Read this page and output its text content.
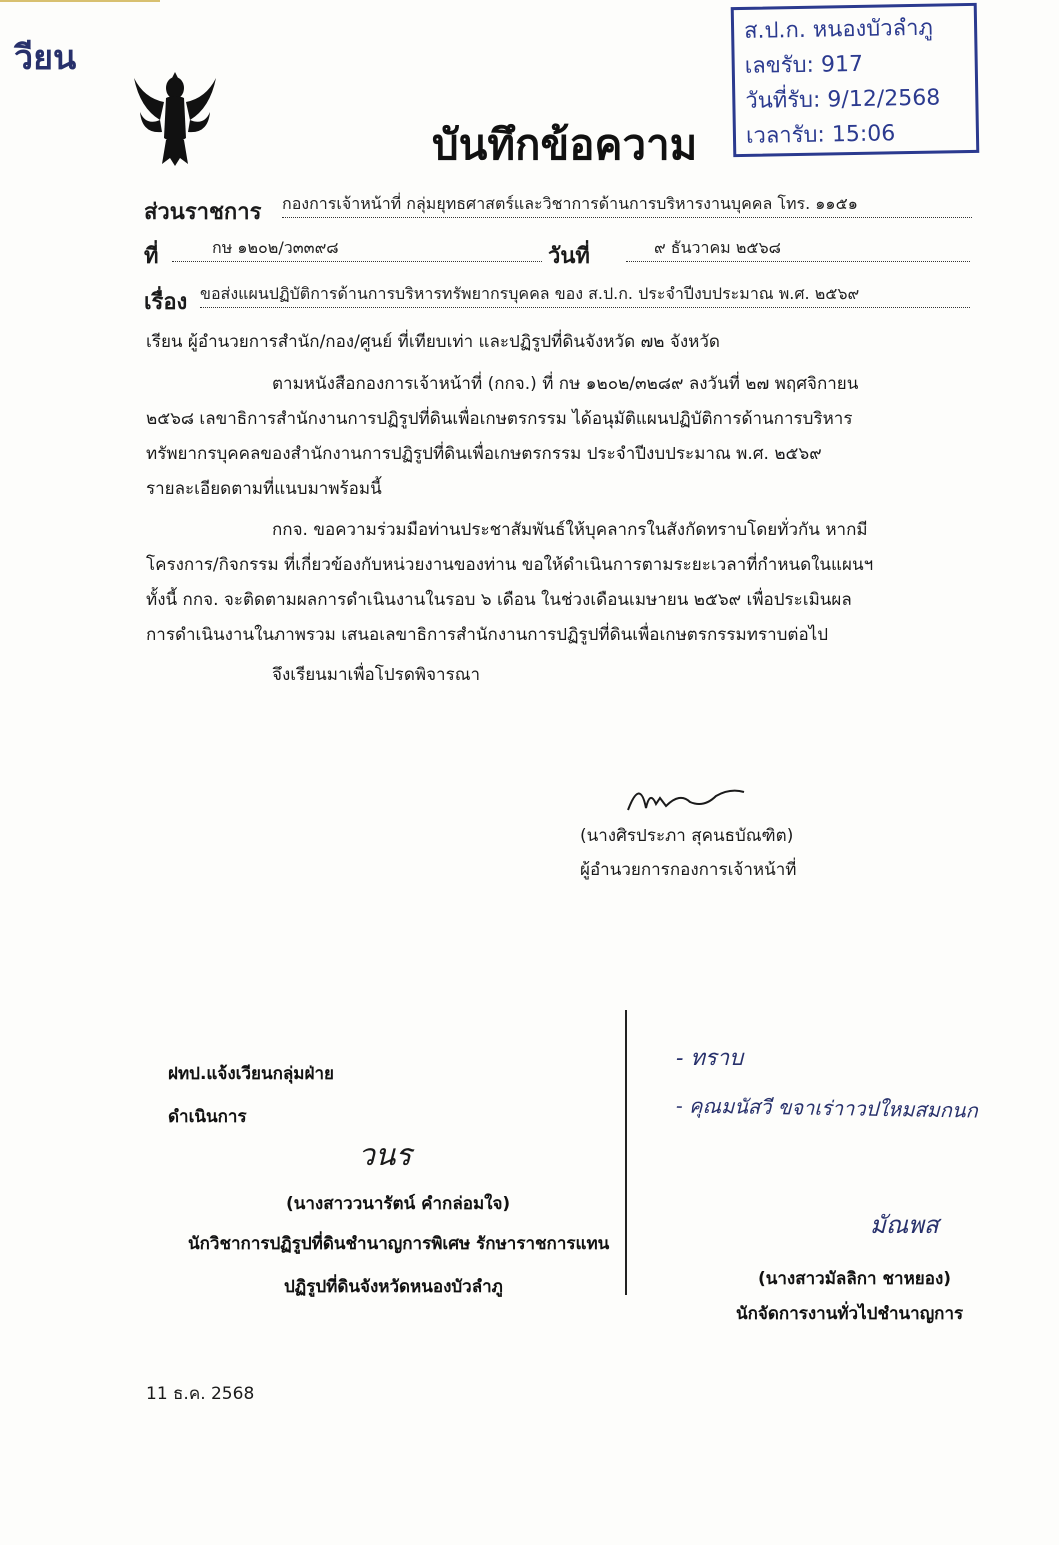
วียน
บันทึกข้อความ
ส.ป.ก. หนองบัวลำภู
เลขรับ: 917
วันที่รับ: 9/12/2568
เวลารับ: 15:06
ส่วนราชการ กองการเจ้าหน้าที่ กลุ่มยุทธศาสตร์และวิชาการด้านการบริหารงานบุคคล โทร. ๑๑๕๑
ที่	กษ ๑๒๐๒/ว๓๓๙๘	วันที่	๙ ธันวาคม ๒๕๖๘
เรื่อง ขอส่งแผนปฏิบัติการด้านการบริหารทรัพยากรบุคคล ของ ส.ป.ก. ประจำปีงบประมาณ พ.ศ. ๒๕๖๙
เรียน ผู้อำนวยการสำนัก/กอง/ศูนย์ ที่เทียบเท่า และปฏิรูปที่ดินจังหวัด ๗๒ จังหวัด
ตามหนังสือกองการเจ้าหน้าที่ (กกจ.) ที่ กษ ๑๒๐๒/๓๒๘๙ ลงวันที่ ๒๗ พฤศจิกายน
๒๕๖๘ เลขาธิการสำนักงานการปฏิรูปที่ดินเพื่อเกษตรกรรม ได้อนุมัติแผนปฏิบัติการด้านการบริหาร
ทรัพยากรบุคคลของสำนักงานการปฏิรูปที่ดินเพื่อเกษตรกรรม ประจำปีงบประมาณ พ.ศ. ๒๕๖๙
รายละเอียดตามที่แนบมาพร้อมนี้
กกจ. ขอความร่วมมือท่านประชาสัมพันธ์ให้บุคลากรในสังกัดทราบโดยทั่วกัน หากมี
โครงการ/กิจกรรม ที่เกี่ยวข้องกับหน่วยงานของท่าน ขอให้ดำเนินการตามระยะเวลาที่กำหนดในแผนฯ
ทั้งนี้ กกจ. จะติดตามผลการดำเนินงานในรอบ ๖ เดือน ในช่วงเดือนเมษายน ๒๕๖๙ เพื่อประเมินผล
การดำเนินงานในภาพรวม เสนอเลขาธิการสำนักงานการปฏิรูปที่ดินเพื่อเกษตรกรรมทราบต่อไป
จึงเรียนมาเพื่อโปรดพิจารณา
(นางศิรประภา สุคนธบัณฑิต)
ผู้อำนวยการกองการเจ้าหน้าที่
ฝทป.แจ้งเวียนกลุ่มฝ่าย
ดำเนินการ
วนร
(นางสาววนารัตน์ คำกล่อมใจ)
นักวิชาการปฏิรูปที่ดินชำนาญการพิเศษ รักษาราชการแทน
ปฏิรูปที่ดินจังหวัดหนองบัวลำภู
11 ธ.ค. 2568
- ทราบ
- คุณมนัสวี ขจาเร่าาวปใหมสมกนก
มัณพส
(นางสาวมัลลิกา ชาหยอง)
นักจัดการงานทั่วไปชำนาญการ
